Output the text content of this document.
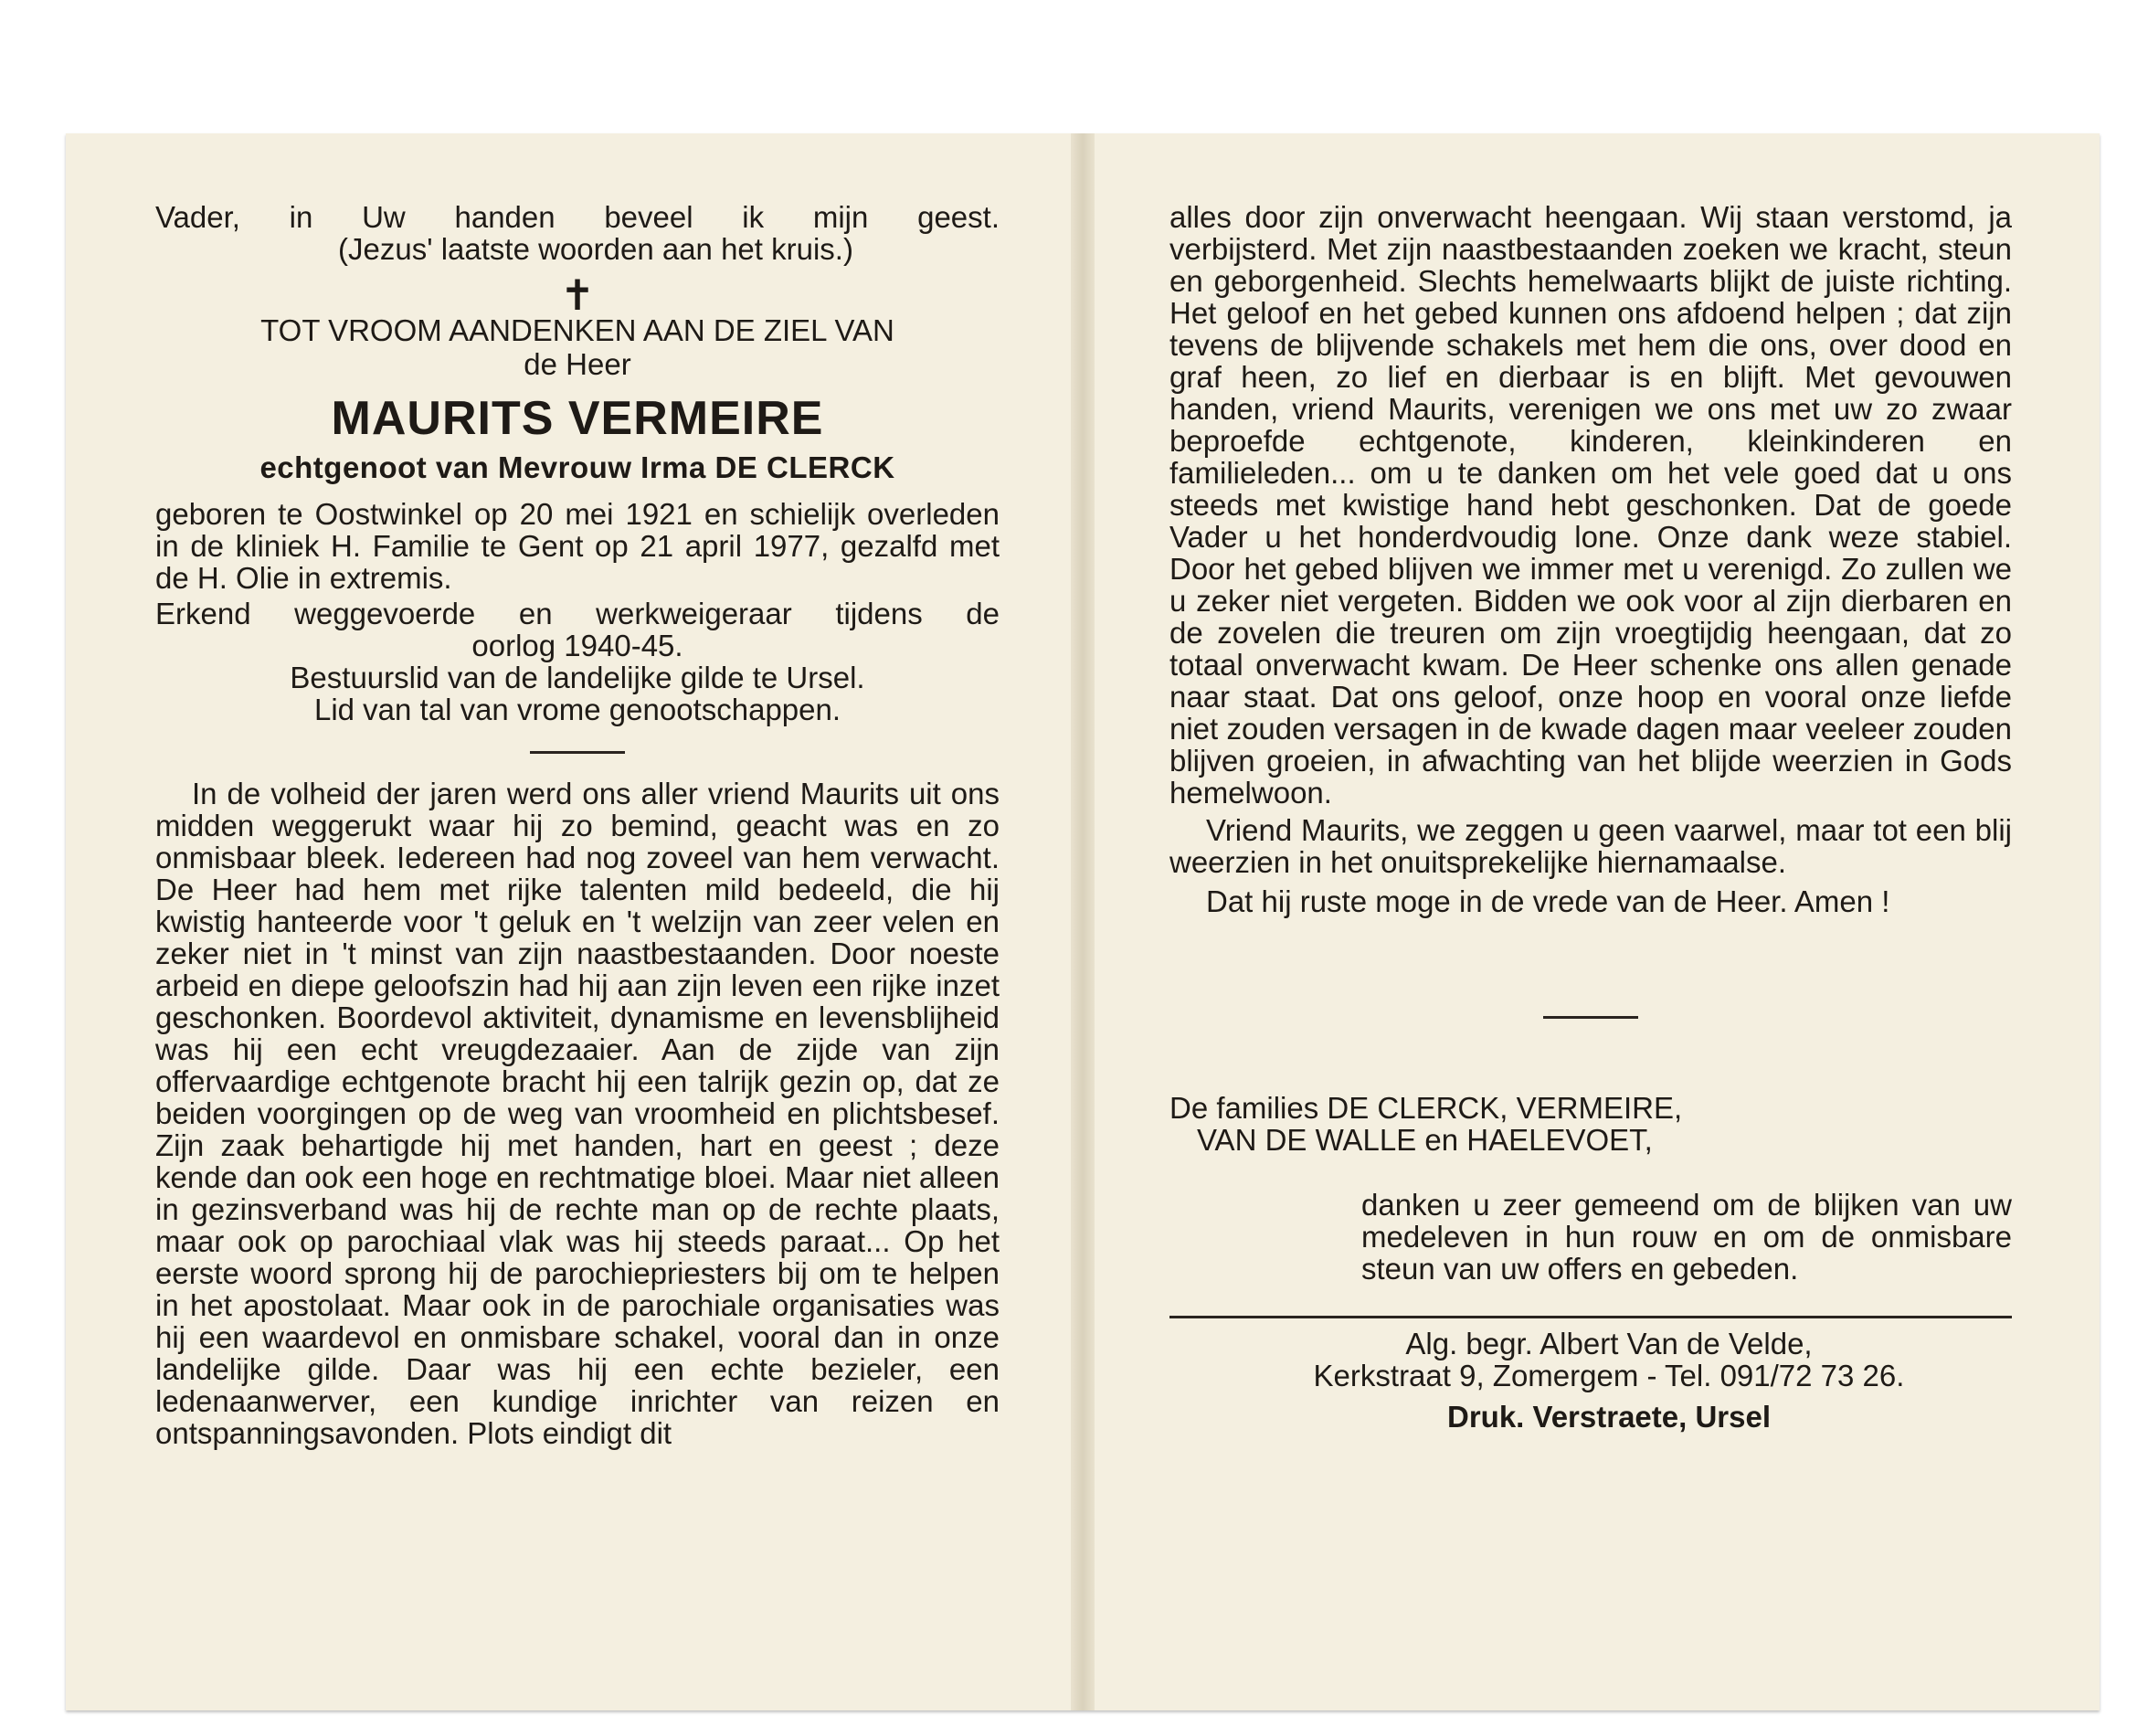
Vader, in Uw handen beveel ik mijn geest.

(Jezus' laatste woorden aan het kruis.)

✝

TOT VROOM AANDENKEN AAN DE ZIEL VAN

de Heer

MAURITS VERMEIRE

echtgenoot van Mevrouw Irma DE CLERCK

geboren te Oostwinkel op 20 mei 1921 en schielijk overleden in de kliniek H. Familie te Gent op 21 april 1977, gezalfd met de H. Olie in extremis.

Erkend weggevoerde en werkweigeraar tijdens de

oorlog 1940-45.

Bestuurslid van de landelijke gilde te Ursel.

Lid van tal van vrome genootschappen.

In de volheid der jaren werd ons aller vriend Maurits uit ons midden weggerukt waar hij zo bemind, geacht was en zo onmisbaar bleek. Iedereen had nog zoveel van hem verwacht. De Heer had hem met rijke talenten mild bedeeld, die hij kwistig hanteerde voor 't geluk en 't welzijn van zeer velen en zeker niet in 't minst van zijn naastbestaanden. Door noeste arbeid en diepe geloofszin had hij aan zijn leven een rijke inzet geschonken. Boordevol aktiviteit, dynamisme en levensblijheid was hij een echt vreugdezaaier. Aan de zijde van zijn offervaardige echtgenote bracht hij een talrijk gezin op, dat ze beiden voorgingen op de weg van vroomheid en plichtsbesef. Zijn zaak behartigde hij met handen, hart en geest ; deze kende dan ook een hoge en rechtmatige bloei. Maar niet alleen in gezinsverband was hij de rechte man op de rechte plaats, maar ook op parochiaal vlak was hij steeds paraat... Op het eerste woord sprong hij de parochiepriesters bij om te helpen in het apostolaat. Maar ook in de parochiale organisaties was hij een waardevol en onmisbare schakel, vooral dan in onze landelijke gilde. Daar was hij een echte bezieler, een ledenaanwerver, een kundige inrichter van reizen en ontspanningsavonden. Plots eindigt dit

alles door zijn onverwacht heengaan. Wij staan verstomd, ja verbijsterd. Met zijn naastbestaanden zoeken we kracht, steun en geborgenheid. Slechts hemelwaarts blijkt de juiste richting. Het geloof en het gebed kunnen ons afdoend helpen ; dat zijn tevens de blijvende schakels met hem die ons, over dood en graf heen, zo lief en dierbaar is en blijft. Met gevouwen handen, vriend Maurits, verenigen we ons met uw zo zwaar beproefde echtgenote, kinderen, kleinkinderen en familieleden... om u te danken om het vele goed dat u ons steeds met kwistige hand hebt geschonken. Dat de goede Vader u het honderdvoudig lone. Onze dank weze stabiel. Door het gebed blijven we immer met u verenigd. Zo zullen we u zeker niet vergeten. Bidden we ook voor al zijn dierbaren en de zovelen die treuren om zijn vroegtijdig heengaan, dat zo totaal onverwacht kwam. De Heer schenke ons allen genade naar staat. Dat ons geloof, onze hoop en vooral onze liefde niet zouden versagen in de kwade dagen maar veeleer zouden blijven groeien, in afwachting van het blijde weerzien in Gods hemelwoon.

Vriend Maurits, we zeggen u geen vaarwel, maar tot een blij weerzien in het onuitsprekelijke hiernamaalse.

Dat hij ruste moge in de vrede van de Heer. Amen !

De families DE CLERCK, VERMEIRE,

VAN DE WALLE en HAELEVOET,

danken u zeer gemeend om de blijken van uw medeleven in hun rouw en om de onmisbare steun van uw offers en gebeden.

Alg. begr. Albert Van de Velde,

Kerkstraat 9, Zomergem - Tel. 091/72 73 26.

Druk. Verstraete, Ursel
